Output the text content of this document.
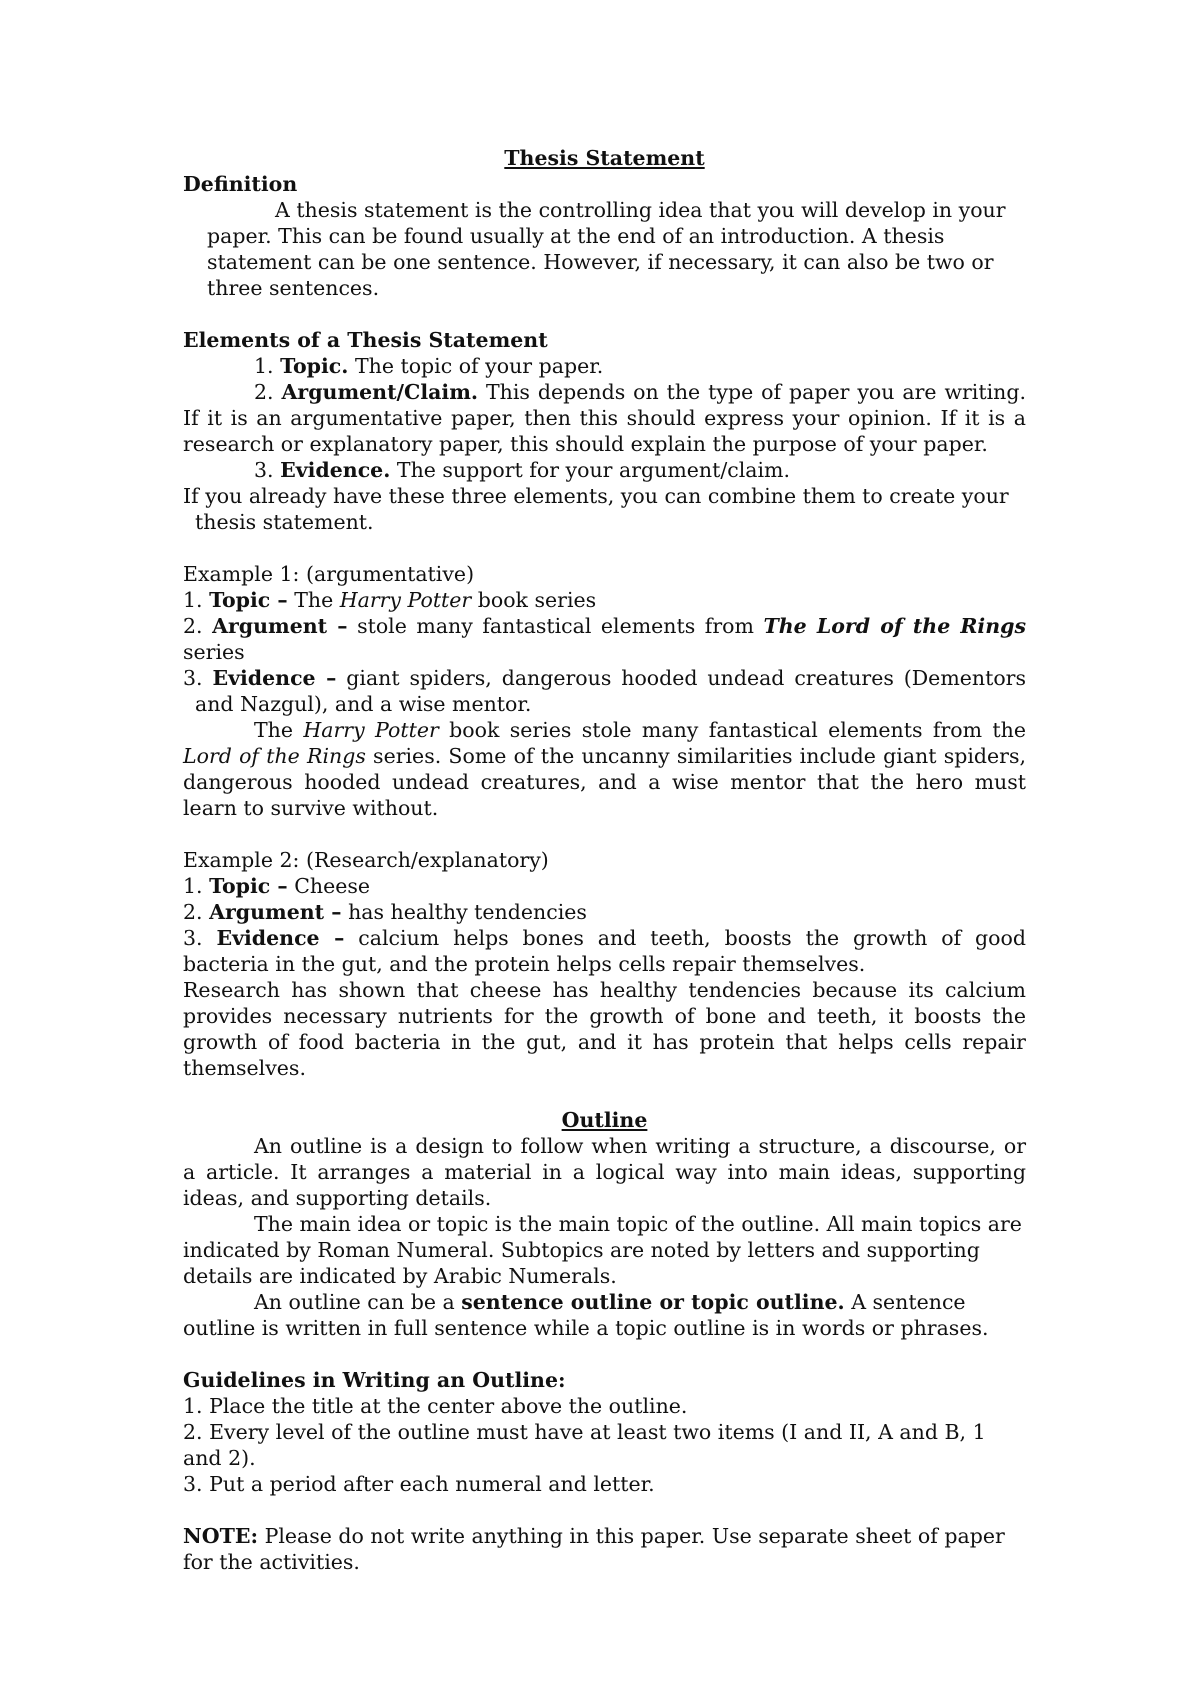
Thesis Statement

Definition

A thesis statement is the controlling idea that you will develop in your paper. This can be found usually at the end of an introduction. A thesis statement can be one sentence. However, if necessary, it can also be two or three sentences.

Elements of a Thesis Statement

1. Topic. The topic of your paper.

2. Argument/Claim. This depends on the type of paper you are writing. If it is an argumentative paper, then this should express your opinion. If it is a research or explanatory paper, this should explain the purpose of your paper.

3. Evidence. The support for your argument/claim.

If you already have these three elements, you can combine them to create your thesis statement.

Example 1: (argumentative)

1. Topic – The Harry Potter book series

2. Argument – stole many fantastical elements from The Lord of the Rings series

3. Evidence – giant spiders, dangerous hooded undead creatures (Dementors and Nazgul), and a wise mentor.

The Harry Potter book series stole many fantastical elements from the Lord of the Rings series. Some of the uncanny similarities include giant spiders, dangerous hooded undead creatures, and a wise mentor that the hero must learn to survive without.

Example 2: (Research/explanatory)

1. Topic – Cheese

2. Argument – has healthy tendencies

3. Evidence – calcium helps bones and teeth, boosts the growth of good bacteria in the gut, and the protein helps cells repair themselves.

Research has shown that cheese has healthy tendencies because its calcium provides necessary nutrients for the growth of bone and teeth, it boosts the growth of food bacteria in the gut, and it has protein that helps cells repair themselves.

Outline

An outline is a design to follow when writing a structure, a discourse, or a article. It arranges a material in a logical way into main ideas, supporting ideas, and supporting details.

The main idea or topic is the main topic of the outline. All main topics are indicated by Roman Numeral. Subtopics are noted by letters and supporting details are indicated by Arabic Numerals.

An outline can be a sentence outline or topic outline. A sentence outline is written in full sentence while a topic outline is in words or phrases.

Guidelines in Writing an Outline:

1. Place the title at the center above the outline.

2. Every level of the outline must have at least two items (I and II, A and B, 1 and 2).

3. Put a period after each numeral and letter.

NOTE: Please do not write anything in this paper. Use separate sheet of paper for the activities.
